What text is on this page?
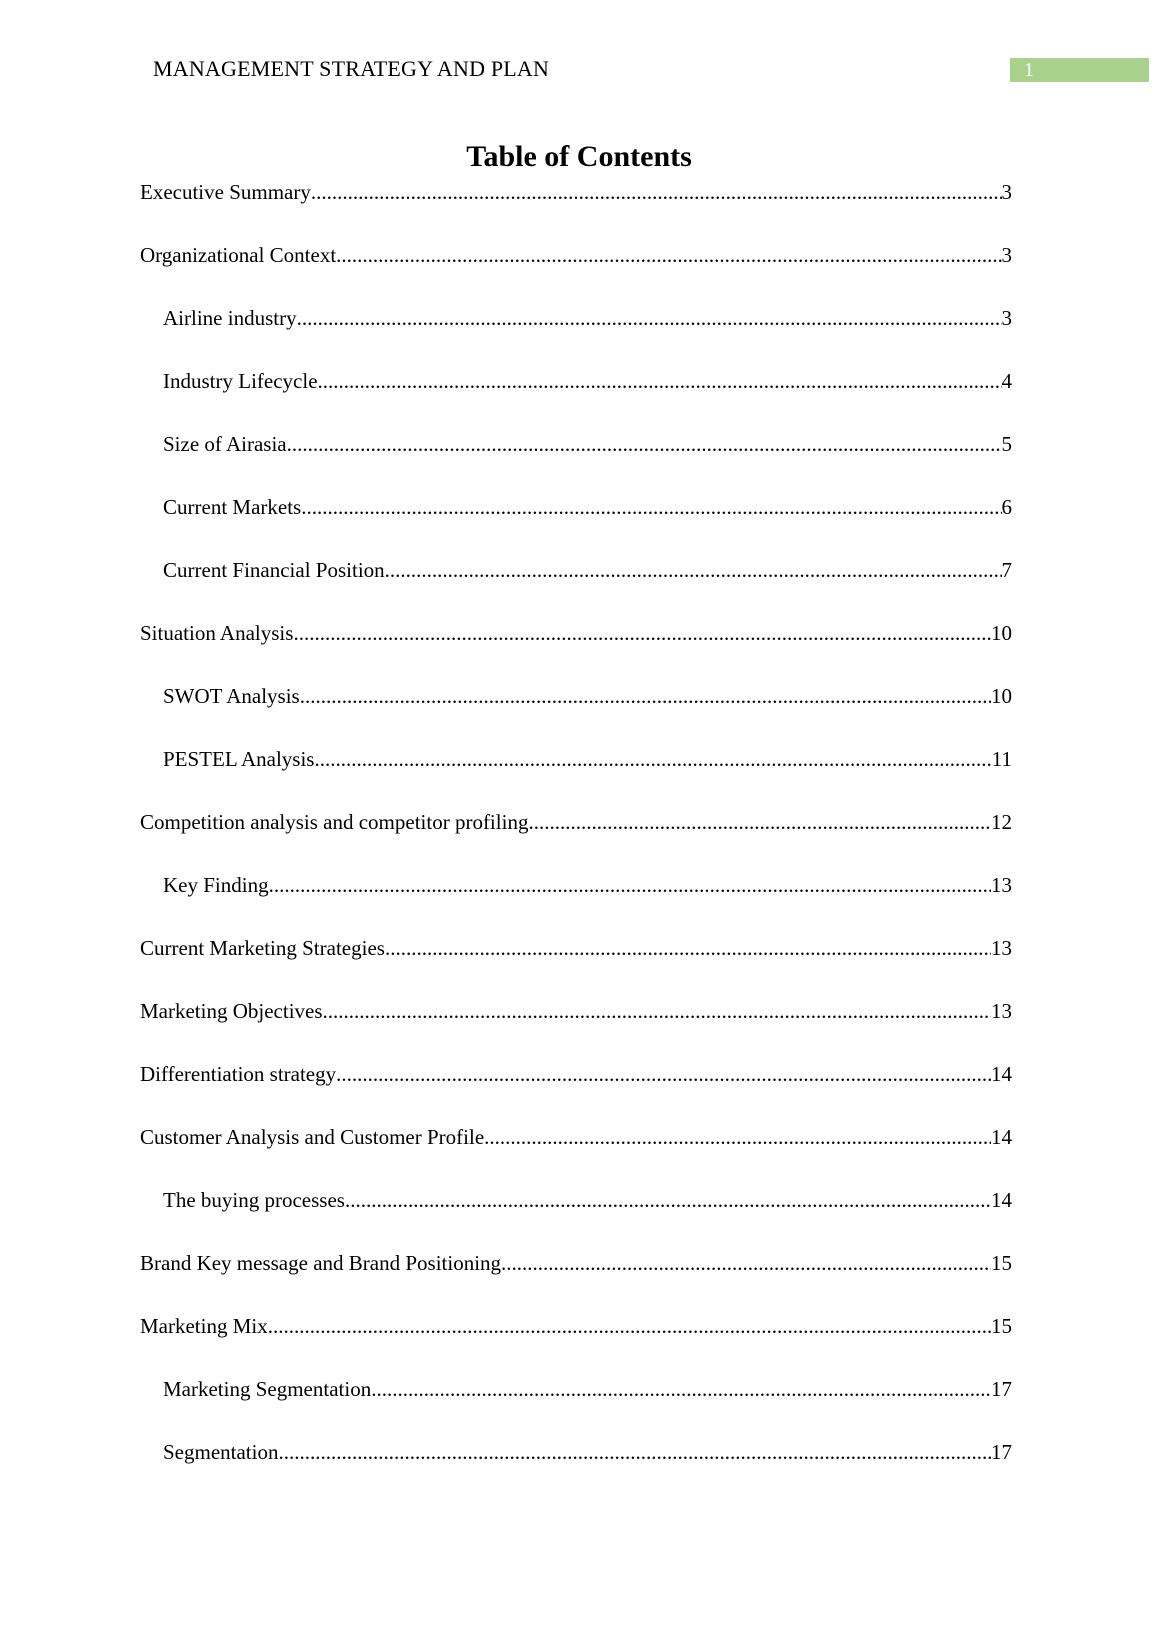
MANAGEMENT STRATEGY AND PLAN	1
Table of Contents
Executive Summary .....	3
Organizational Context .....	3
Airline industry .....	3
Industry Lifecycle .....	4
Size of Airasia .....	5
Current Markets .....	6
Current Financial Position .....	7
Situation Analysis .....	10
SWOT Analysis .....	10
PESTEL Analysis .....	11
Competition analysis and competitor profiling .....	12
Key Finding .....	13
Current Marketing Strategies .....	13
Marketing Objectives .....	13
Differentiation strategy .....	14
Customer Analysis and Customer Profile .....	14
The buying processes .....	14
Brand Key message and Brand Positioning .....	15
Marketing Mix .....	15
Marketing Segmentation .....	17
Segmentation .....	17
